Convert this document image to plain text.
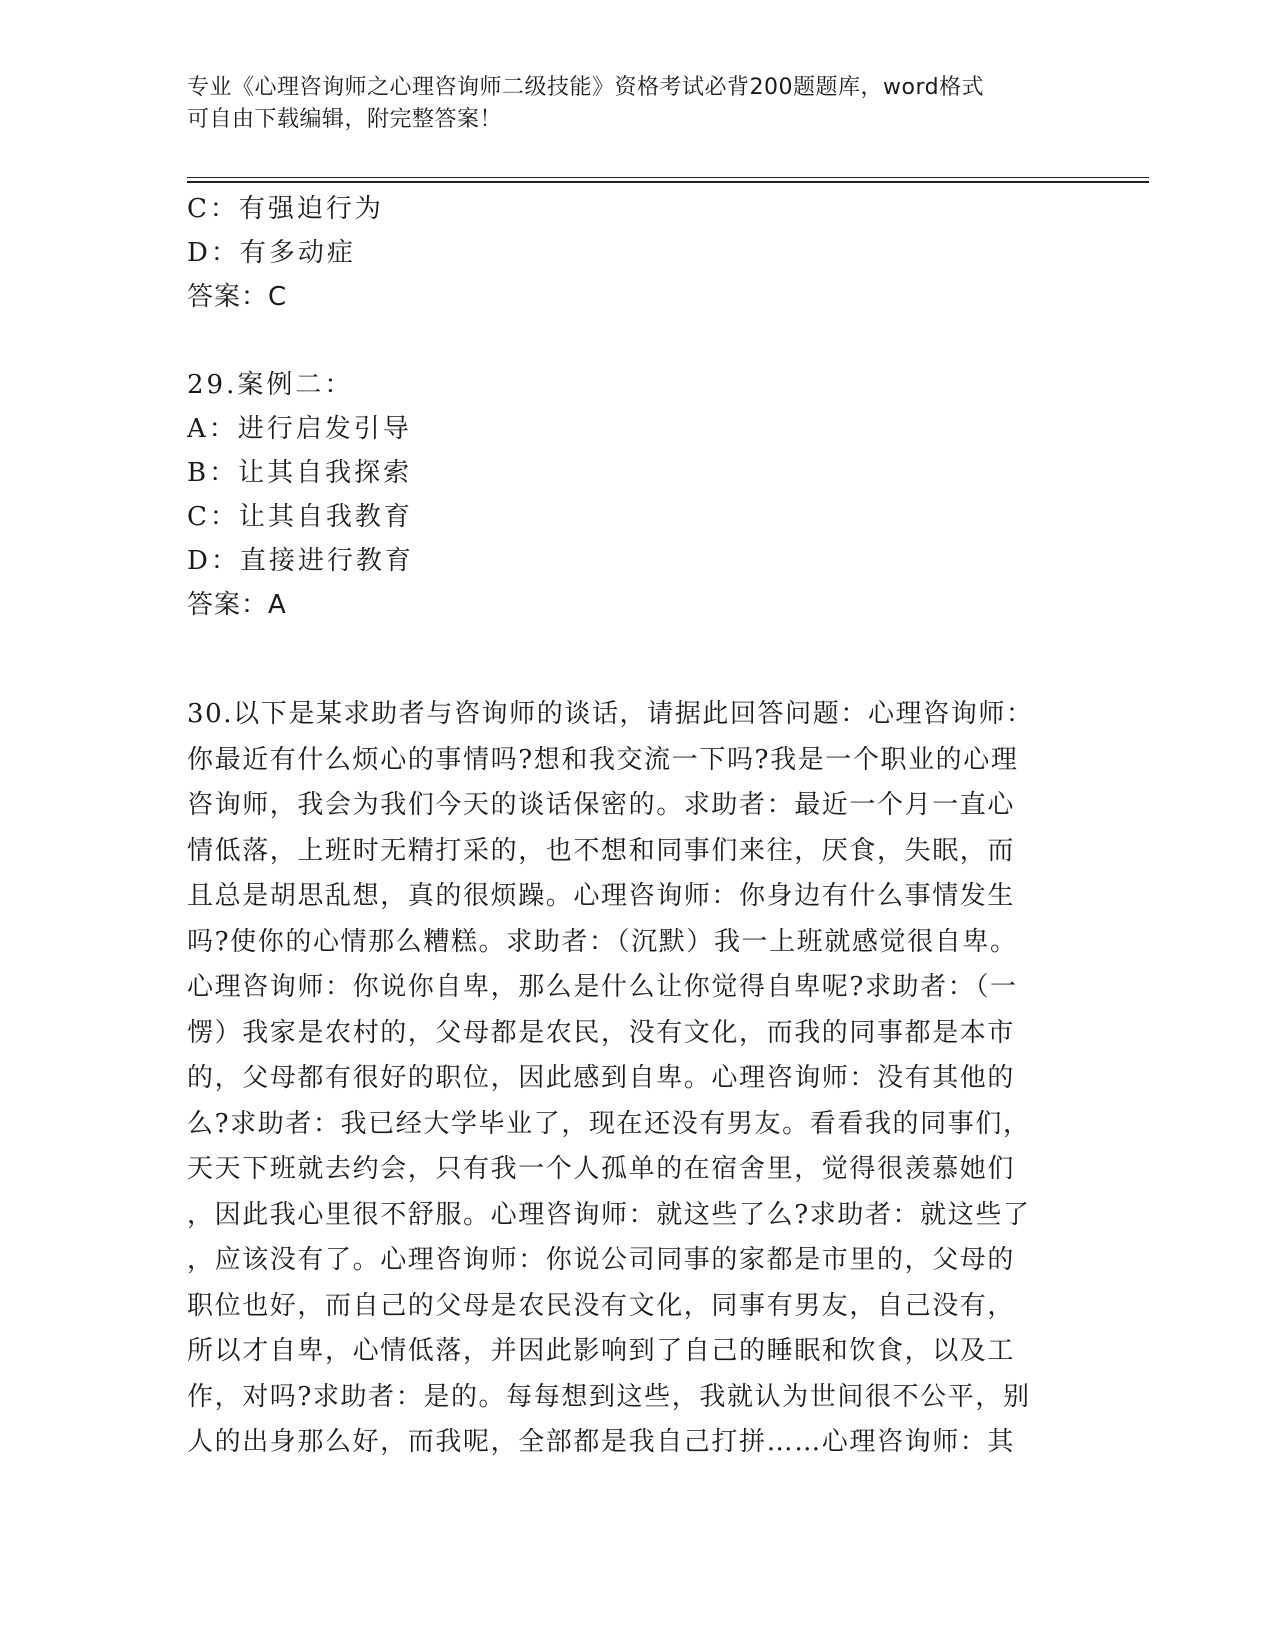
专业《心理咨询师之心理咨询师二级技能》资格考试必背200题题库，word格式
可自由下载编辑，附完整答案！
C：有强迫行为
D：有多动症
答案：C
29.案例二：
A：进行启发引导
B：让其自我探索
C：让其自我教育
D：直接进行教育
答案：A
30.以下是某求助者与咨询师的谈话，请据此回答问题：心理咨询师：
你最近有什么烦心的事情吗?想和我交流一下吗?我是一个职业的心理
咨询师，我会为我们今天的谈话保密的。求助者：最近一个月一直心
情低落，上班时无精打采的，也不想和同事们来往，厌食，失眠，而
且总是胡思乱想，真的很烦躁。心理咨询师：你身边有什么事情发生
吗?使你的心情那么糟糕。求助者：（沉默）我一上班就感觉很自卑。
心理咨询师：你说你自卑，那么是什么让你觉得自卑呢?求助者：（一
愣）我家是农村的，父母都是农民，没有文化，而我的同事都是本市
的，父母都有很好的职位，因此感到自卑。心理咨询师：没有其他的
么?求助者：我已经大学毕业了，现在还没有男友。看看我的同事们，
天天下班就去约会，只有我一个人孤单的在宿舍里，觉得很羡慕她们
，因此我心里很不舒服。心理咨询师：就这些了么?求助者：就这些了
，应该没有了。心理咨询师：你说公司同事的家都是市里的，父母的
职位也好，而自己的父母是农民没有文化，同事有男友，自己没有，
所以才自卑，心情低落，并因此影响到了自己的睡眠和饮食，以及工
作，对吗?求助者：是的。每每想到这些，我就认为世间很不公平，别
人的出身那么好，而我呢，全部都是我自己打拼……心理咨询师：其
